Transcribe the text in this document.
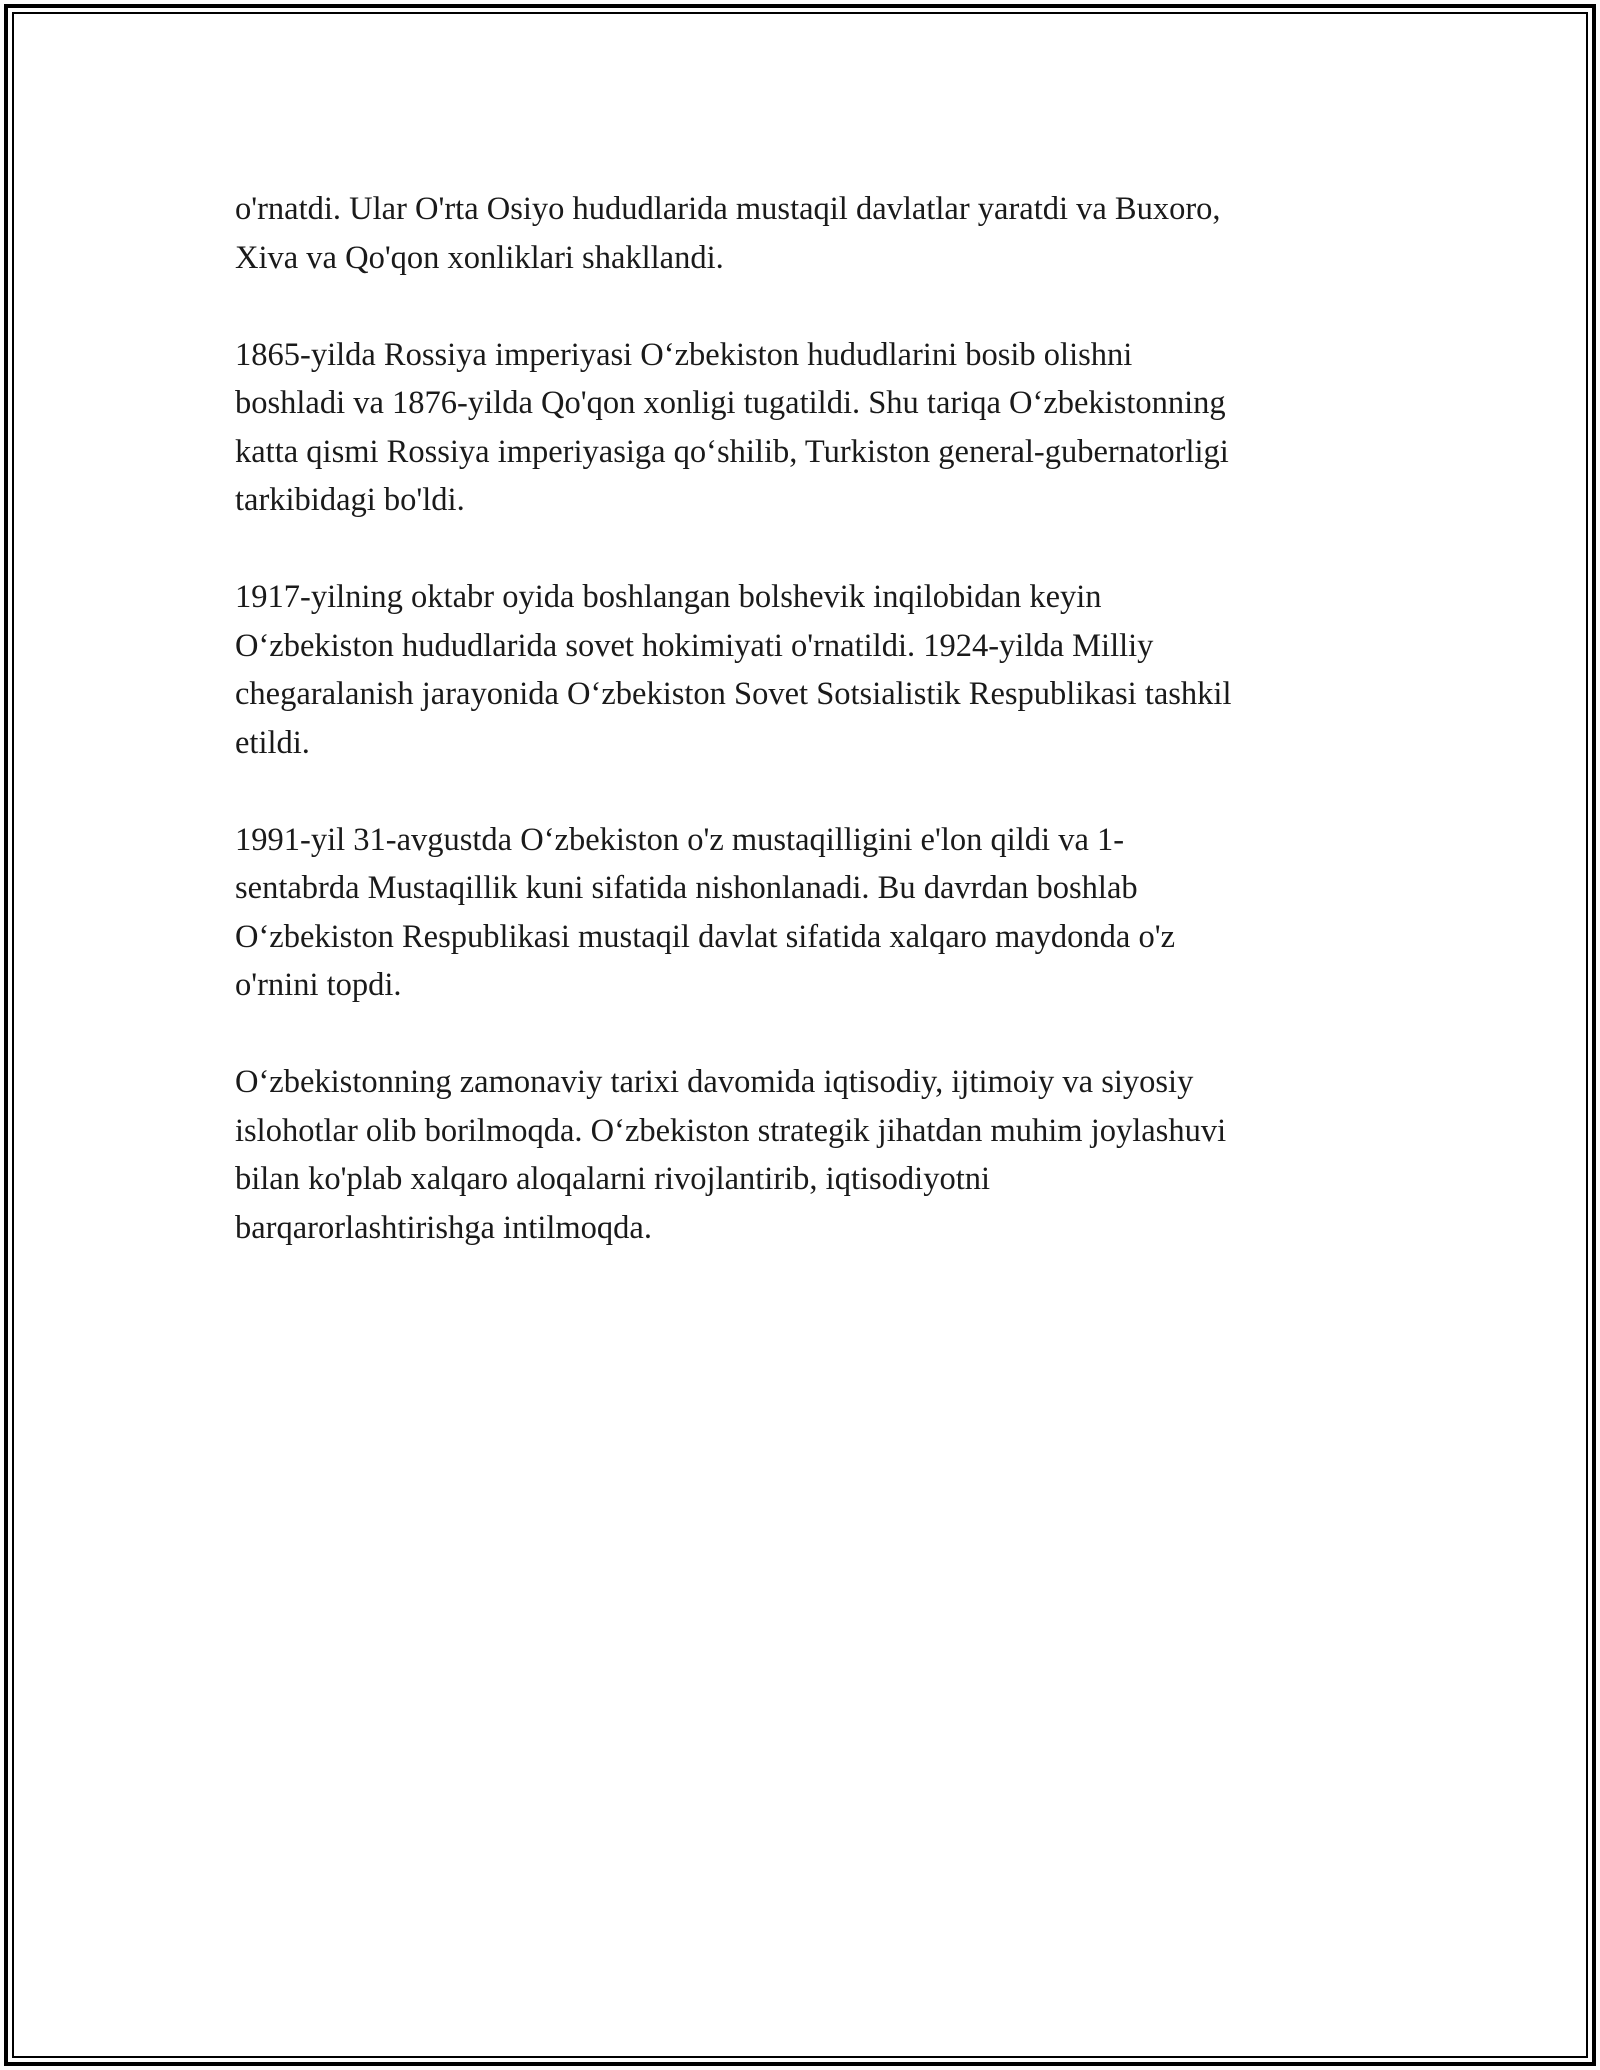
o'rnatdi. Ular O'rta Osiyo hududlarida mustaqil davlatlar yaratdi va Buxoro,
Xiva va Qo'qon xonliklari shakllandi.

1865-yilda Rossiya imperiyasi O‘zbekiston hududlarini bosib olishni
boshladi va 1876-yilda Qo'qon xonligi tugatildi. Shu tariqa O‘zbekistonning
katta qismi Rossiya imperiyasiga qo‘shilib, Turkiston general-gubernatorligi
tarkibidagi bo'ldi.

1917-yilning oktabr oyida boshlangan bolshevik inqilobidan keyin
O‘zbekiston hududlarida sovet hokimiyati o'rnatildi. 1924-yilda Milliy
chegaralanish jarayonida O‘zbekiston Sovet Sotsialistik Respublikasi tashkil
etildi.

1991-yil 31-avgustda O‘zbekiston o'z mustaqilligini e'lon qildi va 1-
sentabrda Mustaqillik kuni sifatida nishonlanadi. Bu davrdan boshlab
O‘zbekiston Respublikasi mustaqil davlat sifatida xalqaro maydonda o'z
o'rnini topdi.

O‘zbekistonning zamonaviy tarixi davomida iqtisodiy, ijtimoiy va siyosiy
islohotlar olib borilmoqda. O‘zbekiston strategik jihatdan muhim joylashuvi
bilan ko'plab xalqaro aloqalarni rivojlantirib, iqtisodiyotni
barqarorlashtirishga intilmoqda.
